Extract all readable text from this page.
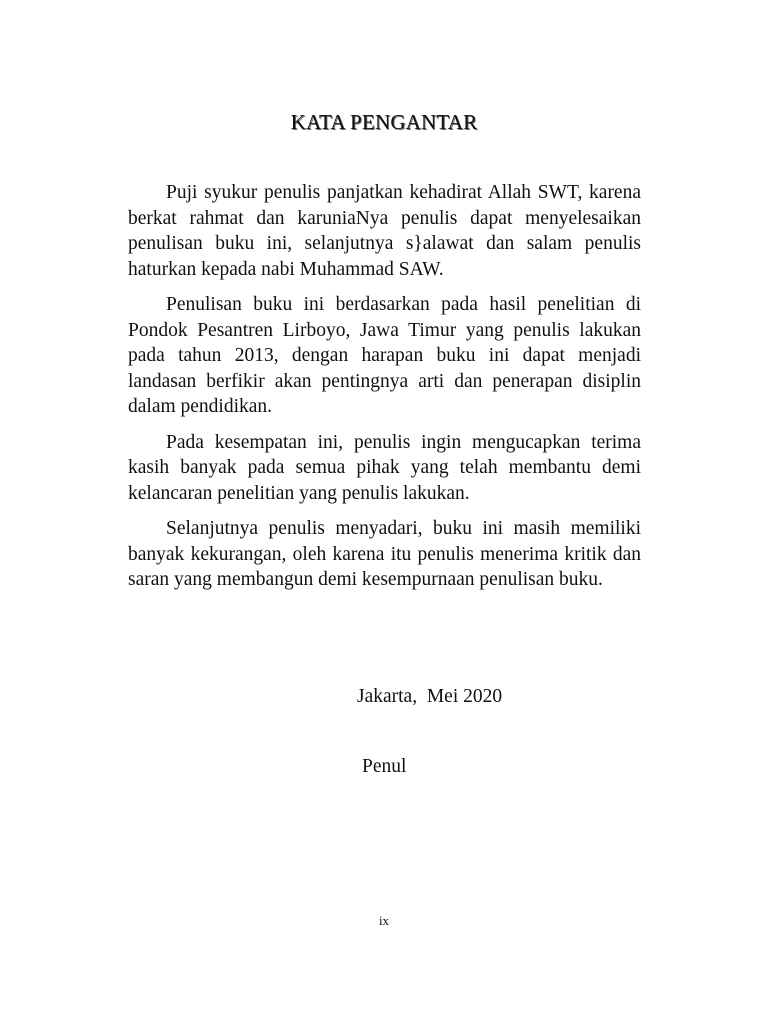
KATA PENGANTAR

Puji syukur penulis panjatkan kehadirat Allah SWT, karena berkat rahmat dan karuniaNya penulis dapat menyelesaikan penulisan buku ini, selanjutnya s}alawat dan salam penulis haturkan kepada nabi Muhammad SAW.

Penulisan buku ini berdasarkan pada hasil penelitian di Pondok Pesantren Lirboyo, Jawa Timur yang penulis lakukan pada tahun 2013, dengan harapan buku ini dapat menjadi landasan berfikir akan pentingnya arti dan penerapan disiplin dalam pendidikan.

Pada kesempatan ini, penulis ingin mengucapkan terima kasih banyak pada semua pihak yang telah membantu demi kelancaran penelitian yang penulis lakukan.

Selanjutnya penulis menyadari, buku ini masih memiliki banyak kekurangan, oleh karena itu penulis menerima kritik dan saran yang membangun demi kesempurnaan penulisan buku.

Jakarta,  Mei 2020
Penul
ix
